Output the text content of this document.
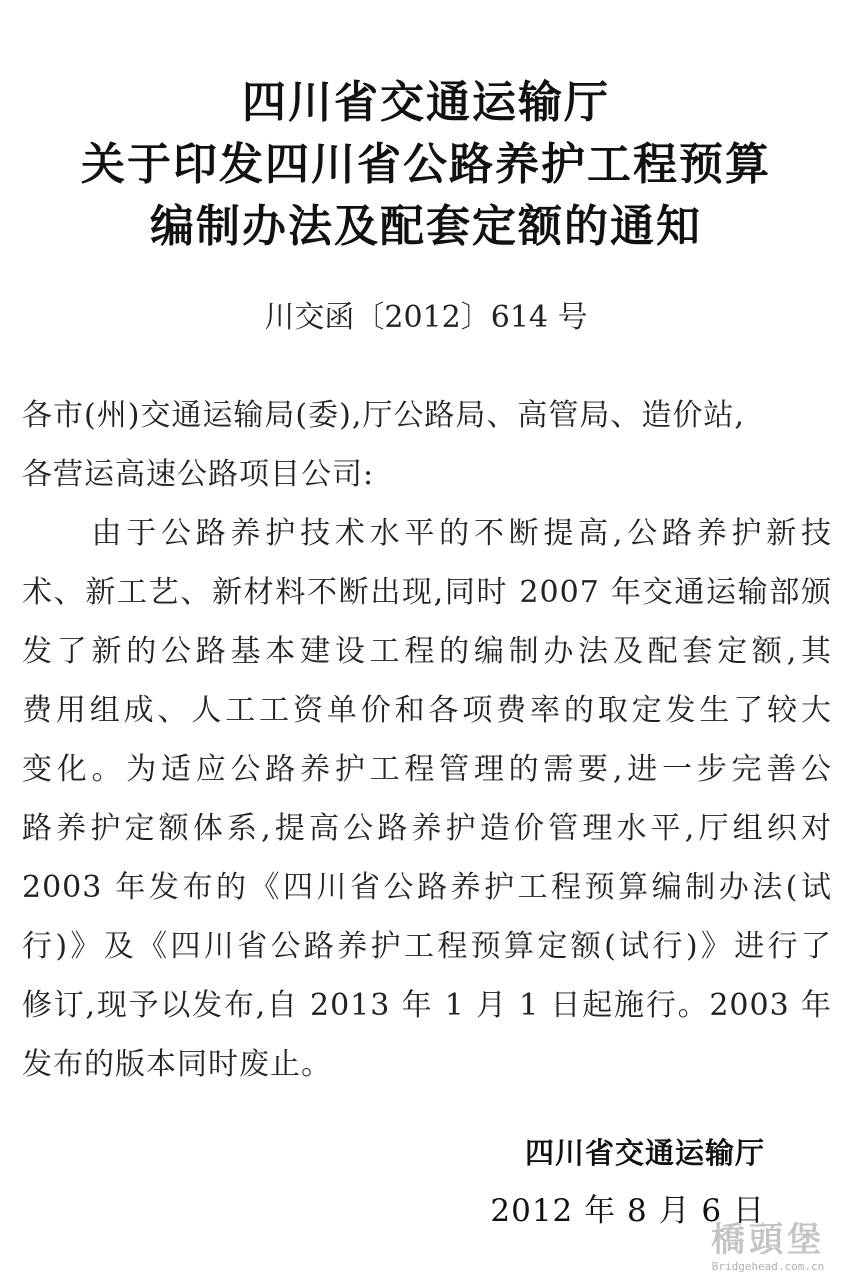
四川省交通运输厅
关于印发四川省公路养护工程预算
编制办法及配套定额的通知
川交函〔2012〕614 号
各市(州)交通运输局(委),厅公路局、高管局、造价站,
各营运高速公路项目公司:
　　由于公路养护技术水平的不断提高,公路养护新技
术、新工艺、新材料不断出现,同时 2007 年交通运输部颁
发了新的公路基本建设工程的编制办法及配套定额,其
费用组成、人工工资单价和各项费率的取定发生了较大
变化。为适应公路养护工程管理的需要,进一步完善公
路养护定额体系,提高公路养护造价管理水平,厅组织对
2003 年发布的《四川省公路养护工程预算编制办法(试
行)》及《四川省公路养护工程预算定额(试行)》进行了
修订,现予以发布,自 2013 年 1 月 1 日起施行。2003 年
发布的版本同时废止。
四川省交通运输厅
2012 年 8 月 6 日
橋頭堡
Bridgehead.com.cn
